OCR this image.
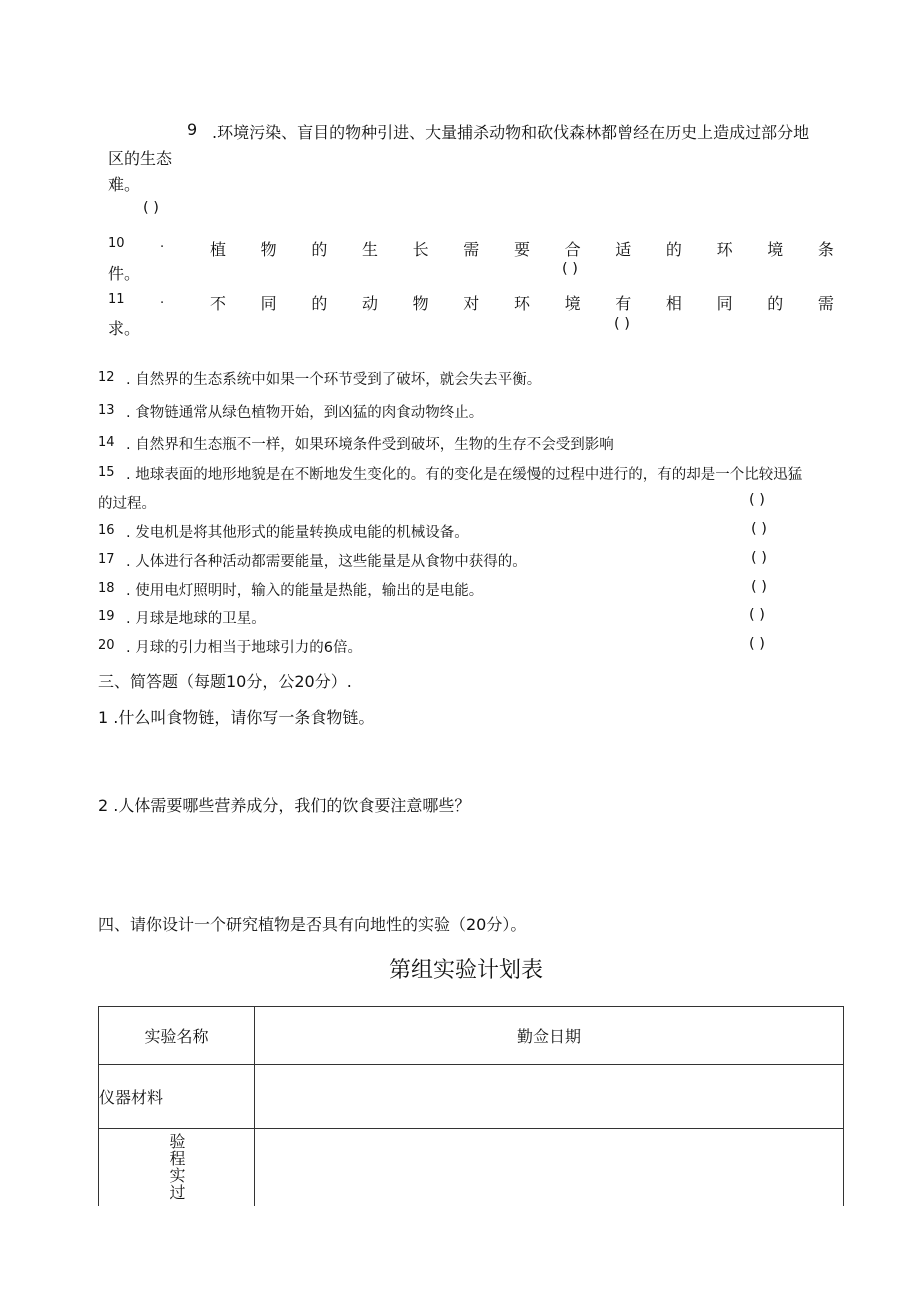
9 .环境污染、盲目的物种引进、大量捕杀动物和砍伐森林都曾经在历史上造成过部分地
区的生态
难。
( )
10	.	植 物 的 生 长 需 要 合 适 的 环 境 条
件。	( )
11	.	不 同 的 动 物 对 环 境 有 相 同 的 需
求。	( )
12 . 自然界的生态系统中如果一个环节受到了破坏，就会失去平衡。
13 . 食物链通常从绿色植物开始，到凶猛的肉食动物终止。
14 . 自然界和生态瓶不一样，如果环境条件受到破坏，生物的生存不会受到影响
15 . 地球表面的地形地貌是在不断地发生变化的。有的变化是在缓慢的过程中进行的，有的却是一个比较迅猛
的过程。	( )
16 . 发电机是将其他形式的能量转换成电能的机械设备。	( )
17 . 人体进行各种活动都需要能量，这些能量是从食物中获得的。	( )
18 . 使用电灯照明时，输入的能量是热能，输出的是电能。	( )
19 . 月球是地球的卫星。	( )
20 . 月球的引力相当于地球引力的6倍。	( )
三、简答题（每题10分，公20分）.
1 .什么叫食物链，请你写一条食物链。
2 .人体需要哪些营养成分，我们的饮食要注意哪些？
四、请你设计一个研究植物是否具有向地性的实验（20分）。
第组实验计划表
实验名称	勤佥日期
仪器材料	
验程实过	
